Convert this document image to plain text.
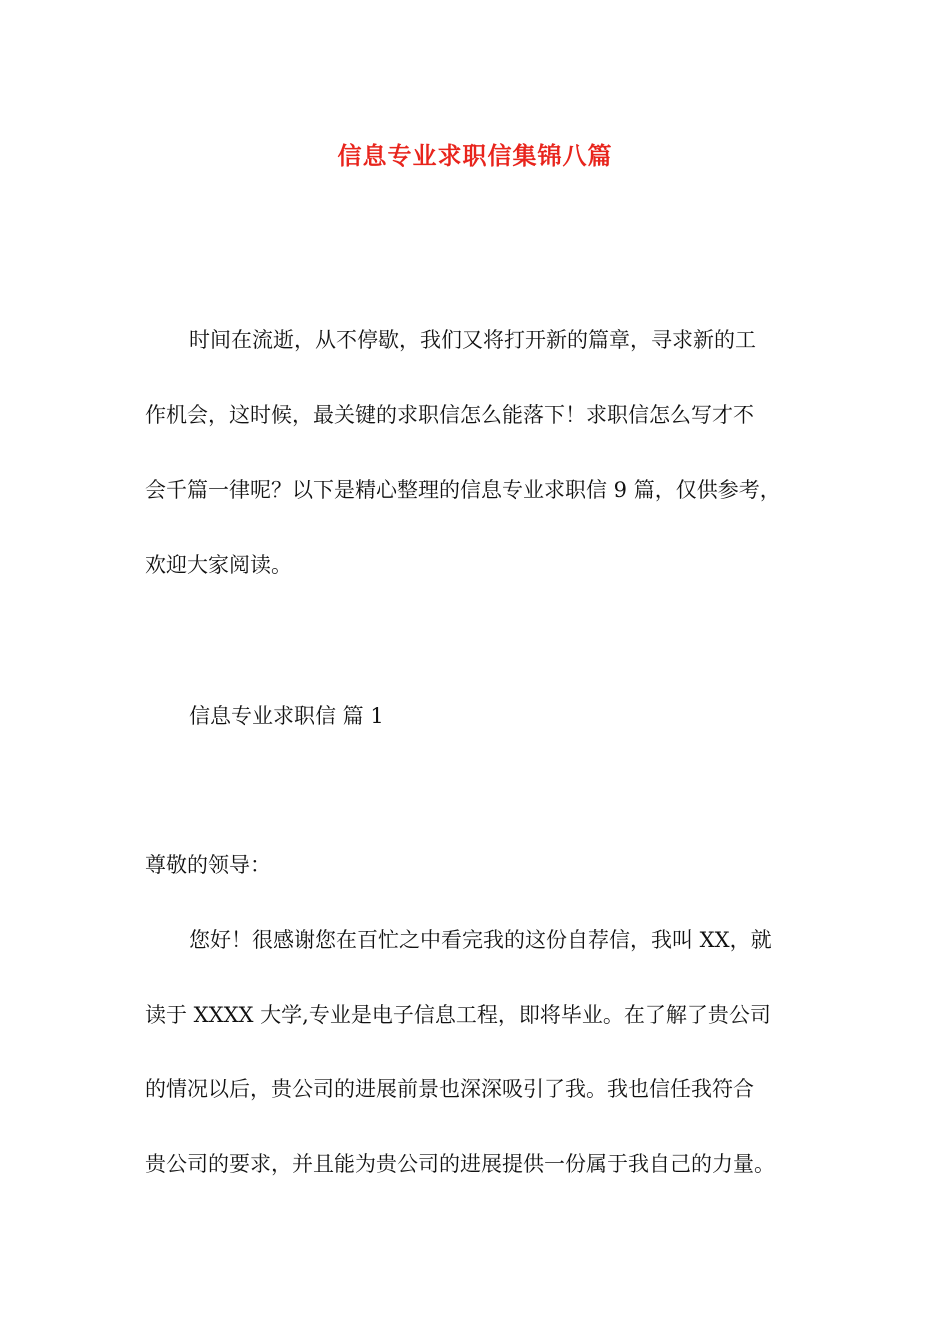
信息专业求职信集锦八篇
时间在流逝，从不停歇，我们又将打开新的篇章，寻求新的工
作机会，这时候，最关键的求职信怎么能落下！求职信怎么写才不
会千篇一律呢？以下是精心整理的信息专业求职信 9 篇，仅供参考，
欢迎大家阅读。
信息专业求职信 篇 1
尊敬的领导：
您好！很感谢您在百忙之中看完我的这份自荐信，我叫 XX，就
读于 XXXX 大学,专业是电子信息工程，即将毕业。在了解了贵公司
的情况以后，贵公司的进展前景也深深吸引了我。我也信任我符合
贵公司的要求，并且能为贵公司的进展提供一份属于我自己的力量。
